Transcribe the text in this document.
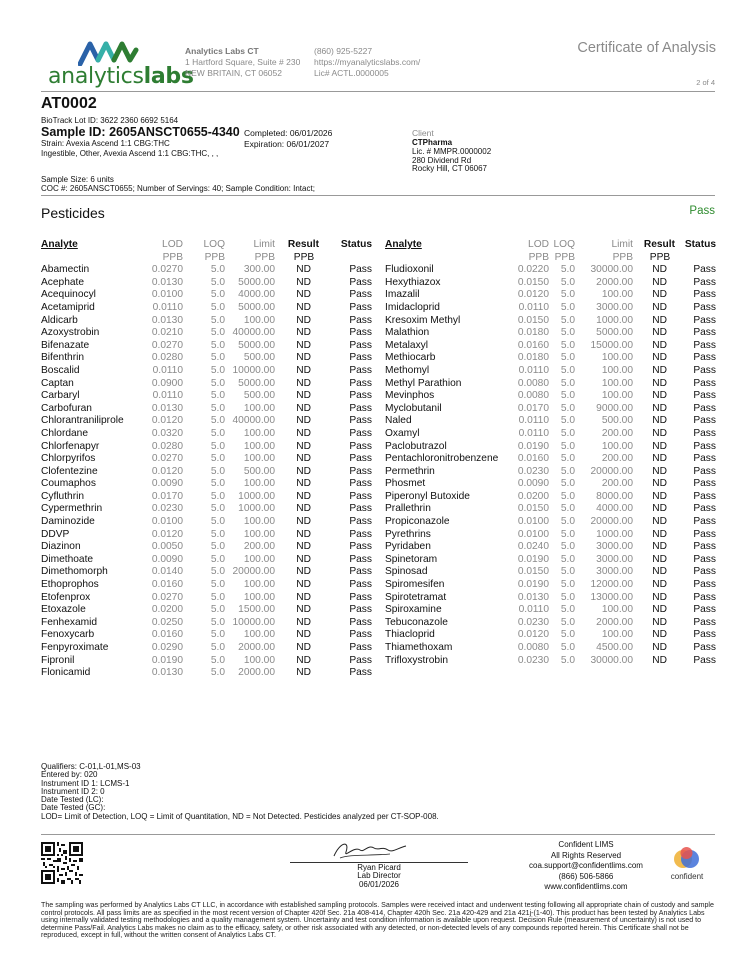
analyticslabs
Analytics Labs CT
1 Hartford Square, Suite # 230
NEW BRITAIN, CT 06052
(860) 925-5227
https://myanalyticslabs.com/
Lic# ACTL.0000005
Certificate of Analysis
2 of 4
AT0002
BioTrack Lot ID: 3622 2360 6692 5164
Sample ID: 2605ANSCT0655-4340
Strain: Avexia Ascend 1:1 CBG:THC
Ingestible, Other, Avexia Ascend 1:1 CBG:THC, , ,
Completed: 06/01/2026
Expiration: 06/01/2027
Client
CTPharma
Lic. # MMPR.0000002
280 Dividend Rd
Rocky Hill, CT 06067
Sample Size: 6 units
COC #: 2605ANSCT0655; Number of Servings: 40; Sample Condition: Intact;
Pesticides	Pass
Analyte	LOD	LOQ	Limit	Result	Status
	PPB	PPB	PPB	PPB	
Abamectin	0.0270	5.0	300.00	ND	Pass
Acephate	0.0130	5.0	5000.00	ND	Pass
Acequinocyl	0.0100	5.0	4000.00	ND	Pass
Acetamiprid	0.0110	5.0	5000.00	ND	Pass
Aldicarb	0.0130	5.0	100.00	ND	Pass
Azoxystrobin	0.0210	5.0	40000.00	ND	Pass
Bifenazate	0.0270	5.0	5000.00	ND	Pass
Bifenthrin	0.0280	5.0	500.00	ND	Pass
Boscalid	0.0110	5.0	10000.00	ND	Pass
Captan	0.0900	5.0	5000.00	ND	Pass
Carbaryl	0.0110	5.0	500.00	ND	Pass
Carbofuran	0.0130	5.0	100.00	ND	Pass
Chlorantraniliprole	0.0120	5.0	40000.00	ND	Pass
Chlordane	0.0320	5.0	100.00	ND	Pass
Chlorfenapyr	0.0280	5.0	100.00	ND	Pass
Chlorpyrifos	0.0270	5.0	100.00	ND	Pass
Clofentezine	0.0120	5.0	500.00	ND	Pass
Coumaphos	0.0090	5.0	100.00	ND	Pass
Cyfluthrin	0.0170	5.0	1000.00	ND	Pass
Cypermethrin	0.0230	5.0	1000.00	ND	Pass
Daminozide	0.0100	5.0	100.00	ND	Pass
DDVP	0.0120	5.0	100.00	ND	Pass
Diazinon	0.0050	5.0	200.00	ND	Pass
Dimethoate	0.0090	5.0	100.00	ND	Pass
Dimethomorph	0.0140	5.0	20000.00	ND	Pass
Ethoprophos	0.0160	5.0	100.00	ND	Pass
Etofenprox	0.0270	5.0	100.00	ND	Pass
Etoxazole	0.0200	5.0	1500.00	ND	Pass
Fenhexamid	0.0250	5.0	10000.00	ND	Pass
Fenoxycarb	0.0160	5.0	100.00	ND	Pass
Fenpyroximate	0.0290	5.0	2000.00	ND	Pass
Fipronil	0.0190	5.0	100.00	ND	Pass
Flonicamid	0.0130	5.0	2000.00	ND	Pass
Analyte	LOD	LOQ	Limit	Result	Status
	PPB	PPB	PPB	PPB	
Fludioxonil	0.0220	5.0	30000.00	ND	Pass
Hexythiazox	0.0150	5.0	2000.00	ND	Pass
Imazalil	0.0120	5.0	100.00	ND	Pass
Imidacloprid	0.0110	5.0	3000.00	ND	Pass
Kresoxim Methyl	0.0150	5.0	1000.00	ND	Pass
Malathion	0.0180	5.0	5000.00	ND	Pass
Metalaxyl	0.0160	5.0	15000.00	ND	Pass
Methiocarb	0.0180	5.0	100.00	ND	Pass
Methomyl	0.0110	5.0	100.00	ND	Pass
Methyl Parathion	0.0080	5.0	100.00	ND	Pass
Mevinphos	0.0080	5.0	100.00	ND	Pass
Myclobutanil	0.0170	5.0	9000.00	ND	Pass
Naled	0.0110	5.0	500.00	ND	Pass
Oxamyl	0.0110	5.0	200.00	ND	Pass
Paclobutrazol	0.0190	5.0	100.00	ND	Pass
Pentachloronitrobenzene	0.0160	5.0	200.00	ND	Pass
Permethrin	0.0230	5.0	20000.00	ND	Pass
Phosmet	0.0090	5.0	200.00	ND	Pass
Piperonyl Butoxide	0.0200	5.0	8000.00	ND	Pass
Prallethrin	0.0150	5.0	4000.00	ND	Pass
Propiconazole	0.0100	5.0	20000.00	ND	Pass
Pyrethrins	0.0100	5.0	1000.00	ND	Pass
Pyridaben	0.0240	5.0	3000.00	ND	Pass
Spinetoram	0.0190	5.0	3000.00	ND	Pass
Spinosad	0.0150	5.0	3000.00	ND	Pass
Spiromesifen	0.0190	5.0	12000.00	ND	Pass
Spirotetramat	0.0130	5.0	13000.00	ND	Pass
Spiroxamine	0.0110	5.0	100.00	ND	Pass
Tebuconazole	0.0230	5.0	2000.00	ND	Pass
Thiacloprid	0.0120	5.0	100.00	ND	Pass
Thiamethoxam	0.0080	5.0	4500.00	ND	Pass
Trifloxystrobin	0.0230	5.0	30000.00	ND	Pass
Qualifiers: C-01,L-01,MS-03
Entered by: 020
Instrument ID 1: LCMS-1
Instrument ID 2: 0
Date Tested (LC):
Date Tested (GC):
LOD= Limit of Detection, LOQ = Limit of Quantitation, ND = Not Detected. Pesticides analyzed per CT-SOP-008.
Ryan Picard
Lab Director
06/01/2026
Confident LIMS
All Rights Reserved
coa.support@confidentlims.com
(866) 506-5866
www.confidentlims.com
confident
The sampling was performed by Analytics Labs CT LLC, in accordance with established sampling protocols. Samples were received intact and underwent testing following all appropriate chain of custody and sample control protocols. All pass limits are as specified in the most recent version of Chapter 420f Sec. 21a 408-414, Chapter 420h Sec. 21a 420-429 and 21a 421j-(1-40). This product has been tested by Analytics Labs using internally validated testing methodologies and a quality management system. Uncertainty and test condition information is available upon request. Decision Rule (measurement of uncertainty) is not used to determine Pass/Fail. Analytics Labs makes no claim as to the efficacy, safety, or other risk associated with any detected, or non-detected levels of any compounds reported herein. This Certificate shall not be reproduced, except in full, without the written consent of Analytics Labs CT.
